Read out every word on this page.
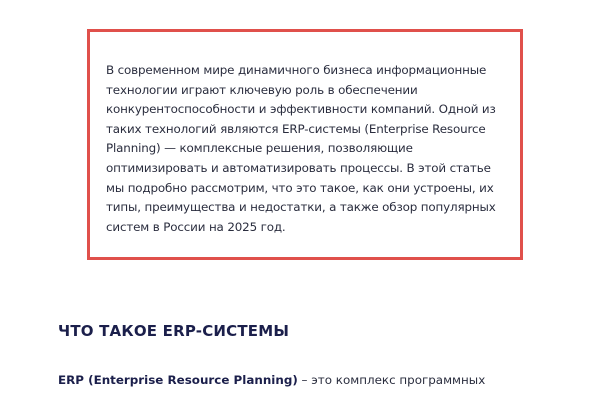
В современном мире динамичного бизнеса информационные
технологии играют ключевую роль в обеспечении
конкурентоспособности и эффективности компаний. Одной из
таких технологий являются ERP-системы (Enterprise Resource
Planning) — комплексные решения, позволяющие
оптимизировать и автоматизировать процессы. В этой статье
мы подробно рассмотрим, что это такое, как они устроены, их
типы, преимущества и недостатки, а также обзор популярных
систем в России на 2025 год.

ЧТО ТАКОЕ ERP-СИСТЕМЫ

ERP (Enterprise Resource Planning) – это комплекс программных
